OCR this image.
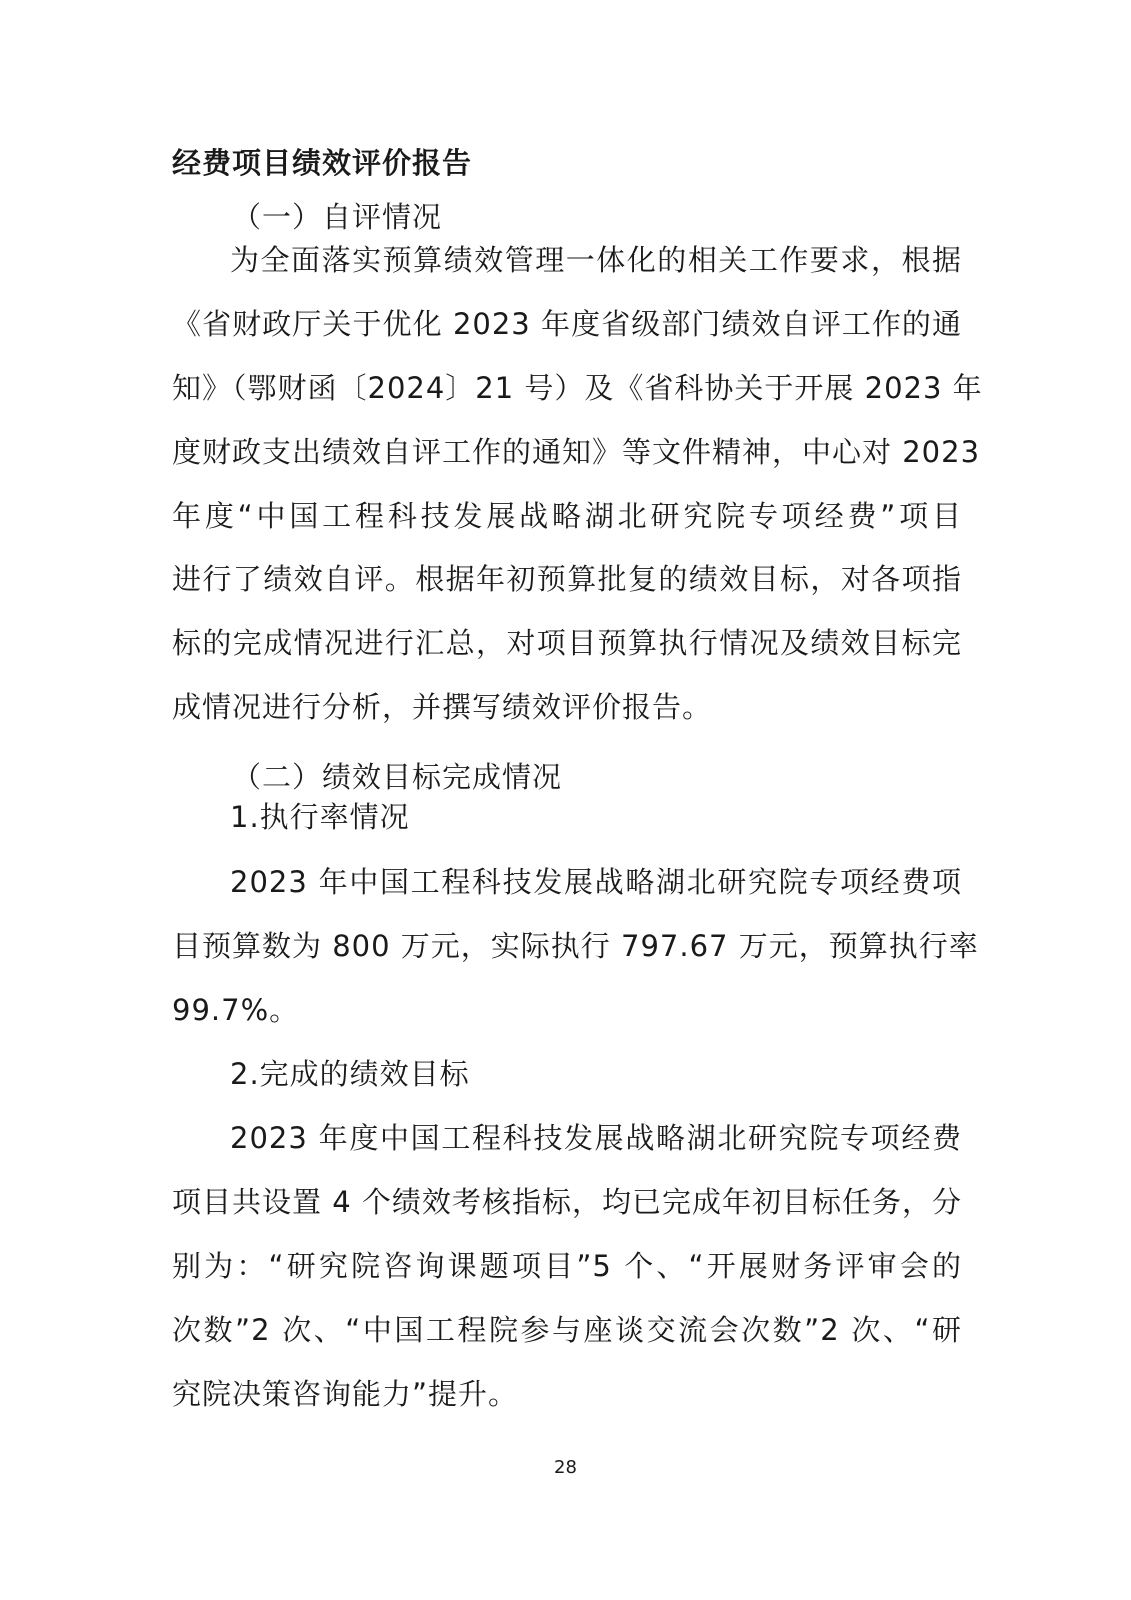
经费项目绩效评价报告
（一）自评情况
为全面落实预算绩效管理一体化的相关工作要求，根据
《省财政厅关于优化 2023 年度省级部门绩效自评工作的通
知》（鄂财函〔2024〕21 号）及《省科协关于开展 2023 年
度财政支出绩效自评工作的通知》等文件精神，中心对 2023
年度“中国工程科技发展战略湖北研究院专项经费”项目
进行了绩效自评。根据年初预算批复的绩效目标，对各项指
标的完成情况进行汇总，对项目预算执行情况及绩效目标完
成情况进行分析，并撰写绩效评价报告。
（二）绩效目标完成情况
1.执行率情况
2023 年中国工程科技发展战略湖北研究院专项经费项
目预算数为 800 万元，实际执行 797.67 万元，预算执行率
99.7%。
2.完成的绩效目标
2023 年度中国工程科技发展战略湖北研究院专项经费
项目共设置 4 个绩效考核指标，均已完成年初目标任务，分
别为：“研究院咨询课题项目”5 个、“开展财务评审会的
次数”2 次、“中国工程院参与座谈交流会次数”2 次、“研
究院决策咨询能力”提升。
28
